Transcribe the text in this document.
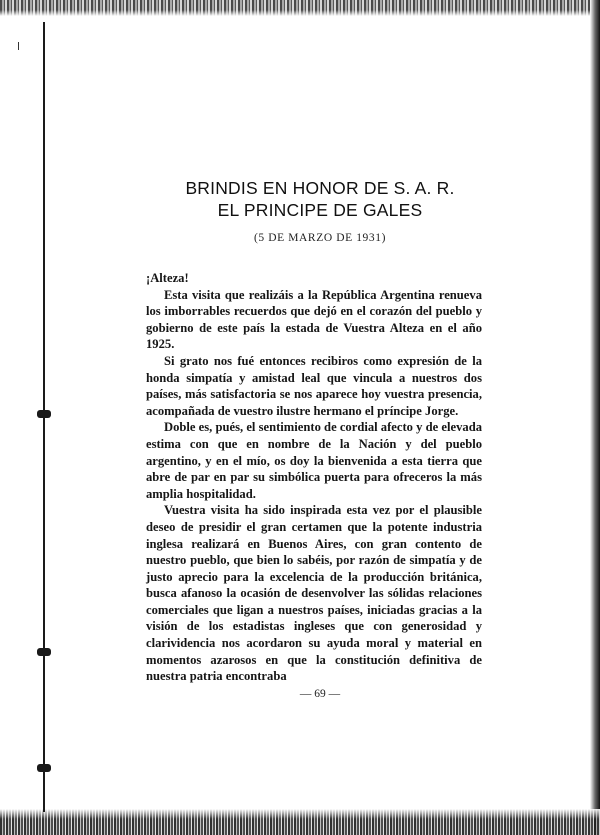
BRINDIS EN HONOR DE S. A. R.
EL PRINCIPE DE GALES
(5 DE MARZO DE 1931)

¡Alteza!

Esta visita que realizáis a la República Argentina renueva los imborrables recuerdos que dejó en el corazón del pueblo y gobierno de este país la estada de Vuestra Alteza en el año 1925.

Si grato nos fué entonces recibiros como expresión de la honda simpatía y amistad leal que vincula a nuestros dos países, más satisfactoria se nos aparece hoy vuestra presencia, acompañada de vuestro ilustre hermano el príncipe Jorge.

Doble es, pués, el sentimiento de cordial afecto y de elevada estima con que en nombre de la Nación y del pueblo argentino, y en el mío, os doy la bienvenida a esta tierra que abre de par en par su simbólica puerta para ofreceros la más amplia hospitalidad.

Vuestra visita ha sido inspirada esta vez por el plausible deseo de presidir el gran certamen que la potente industria inglesa realizará en Buenos Aires, con gran contento de nuestro pueblo, que bien lo sabéis, por razón de simpatía y de justo aprecio para la excelencia de la producción británica, busca afanoso la ocasión de desenvolver las sólidas relaciones comerciales que ligan a nuestros países, iniciadas gracias a la visión de los estadistas ingleses que con generosidad y clarividencia nos acordaron su ayuda moral y material en momentos azarosos en que la constitución definitiva de nuestra patria encontraba

— 69 —
